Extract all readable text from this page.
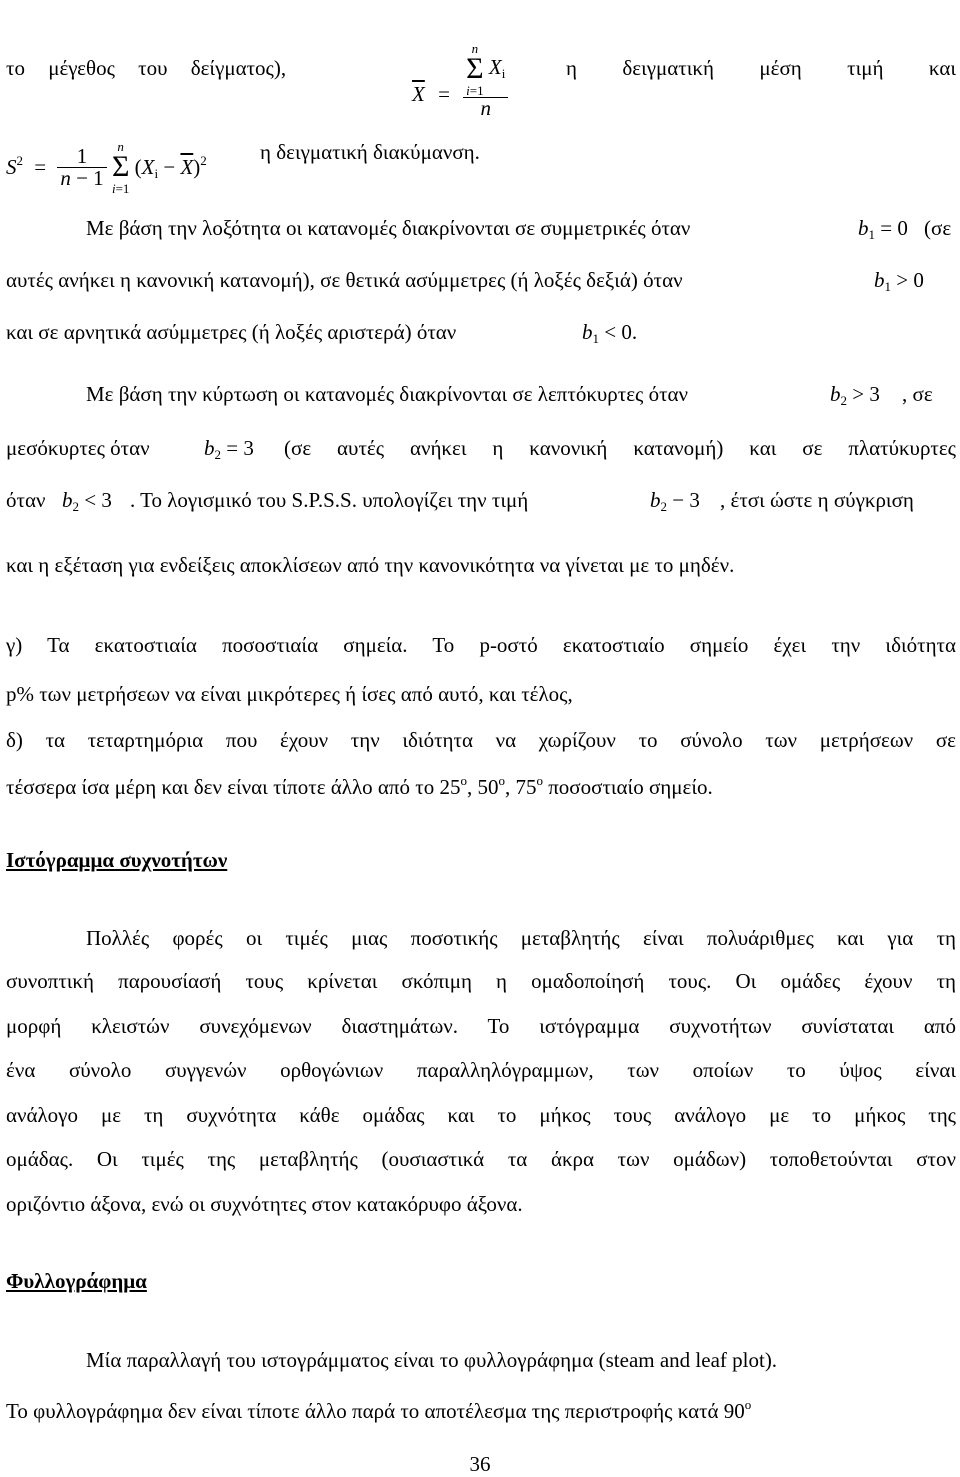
το μέγεθος του δείγματος),
$\overline{X}$ =
n
Σ
i=1
$X_i$
n
η δειγματική μέση τιμή και
$S^2 = \frac{1}{n - 1}$
n
Σ
i=1
$(X_i - \overline{X})^2$	η δειγματική διακύμανση.
Με βάση την λοξότητα οι κατανομές διακρίνονται σε συμμετρικές όταν	$b_1 = 0$ (σε
αυτές ανήκει η κανονική κατανομή), σε θετικά ασύμμετρες (ή λοξές δεξιά) όταν	$b_1 > 0$
και σε αρνητικά ασύμμετρες (ή λοξές αριστερά) όταν	$b_1 < 0$.
Με βάση την κύρτωση οι κατανομές διακρίνονται σε λεπτόκυρτες όταν	$b_2 > 3$ , σε
μεσόκυρτες όταν	$b_2 = 3$ (σε αυτές ανήκει η κανονική κατανομή) και σε πλατύκυρτες
όταν $b_2 < 3$ . Το λογισμικό του S.P.S.S. υπολογίζει την τιμή	$b_2 - 3$ , έτσι ώστε η σύγκριση
και η εξέταση για ενδείξεις αποκλίσεων από την κανονικότητα να γίνεται με το μηδέν.
γ) Τα εκατοστιαία ποσοστιαία σημεία. Το p-οστό εκατοστιαίο σημείο έχει την ιδιότητα
p% των μετρήσεων να είναι μικρότερες ή ίσες από αυτό, και τέλος,
δ) τα τεταρτημόρια που έχουν την ιδιότητα να χωρίζουν το σύνολο των μετρήσεων σε
τέσσερα ίσα μέρη και δεν είναι τίποτε άλλο από το $25^o$, $50^o$, $75^o$ ποσοστιαίο σημείο.
Ιστόγραμμα συχνοτήτων
Πολλές φορές οι τιμές μιας ποσοτικής μεταβλητής είναι πολυάριθμες και για τη
συνοπτική παρουσίασή τους κρίνεται σκόπιμη η ομαδοποίησή τους. Οι ομάδες έχουν τη
μορφή κλειστών συνεχόμενων διαστημάτων. Το ιστόγραμμα συχνοτήτων συνίσταται από
ένα σύνολο συγγενών ορθογώνιων παραλληλόγραμμων, των οποίων το ύψος είναι
ανάλογο με τη συχνότητα κάθε ομάδας και το μήκος τους ανάλογο με το μήκος της
ομάδας. Οι τιμές της μεταβλητής (ουσιαστικά τα άκρα των ομάδων) τοποθετούνται στον
οριζόντιο άξονα, ενώ οι συχνότητες στον κατακόρυφο άξονα.
Φυλλογράφημα
Μία παραλλαγή του ιστογράμματος είναι το φυλλογράφημα (steam and leaf plot).
Το φυλλογράφημα δεν είναι τίποτε άλλο παρά το αποτέλεσμα της περιστροφής κατά $90^o$
36
